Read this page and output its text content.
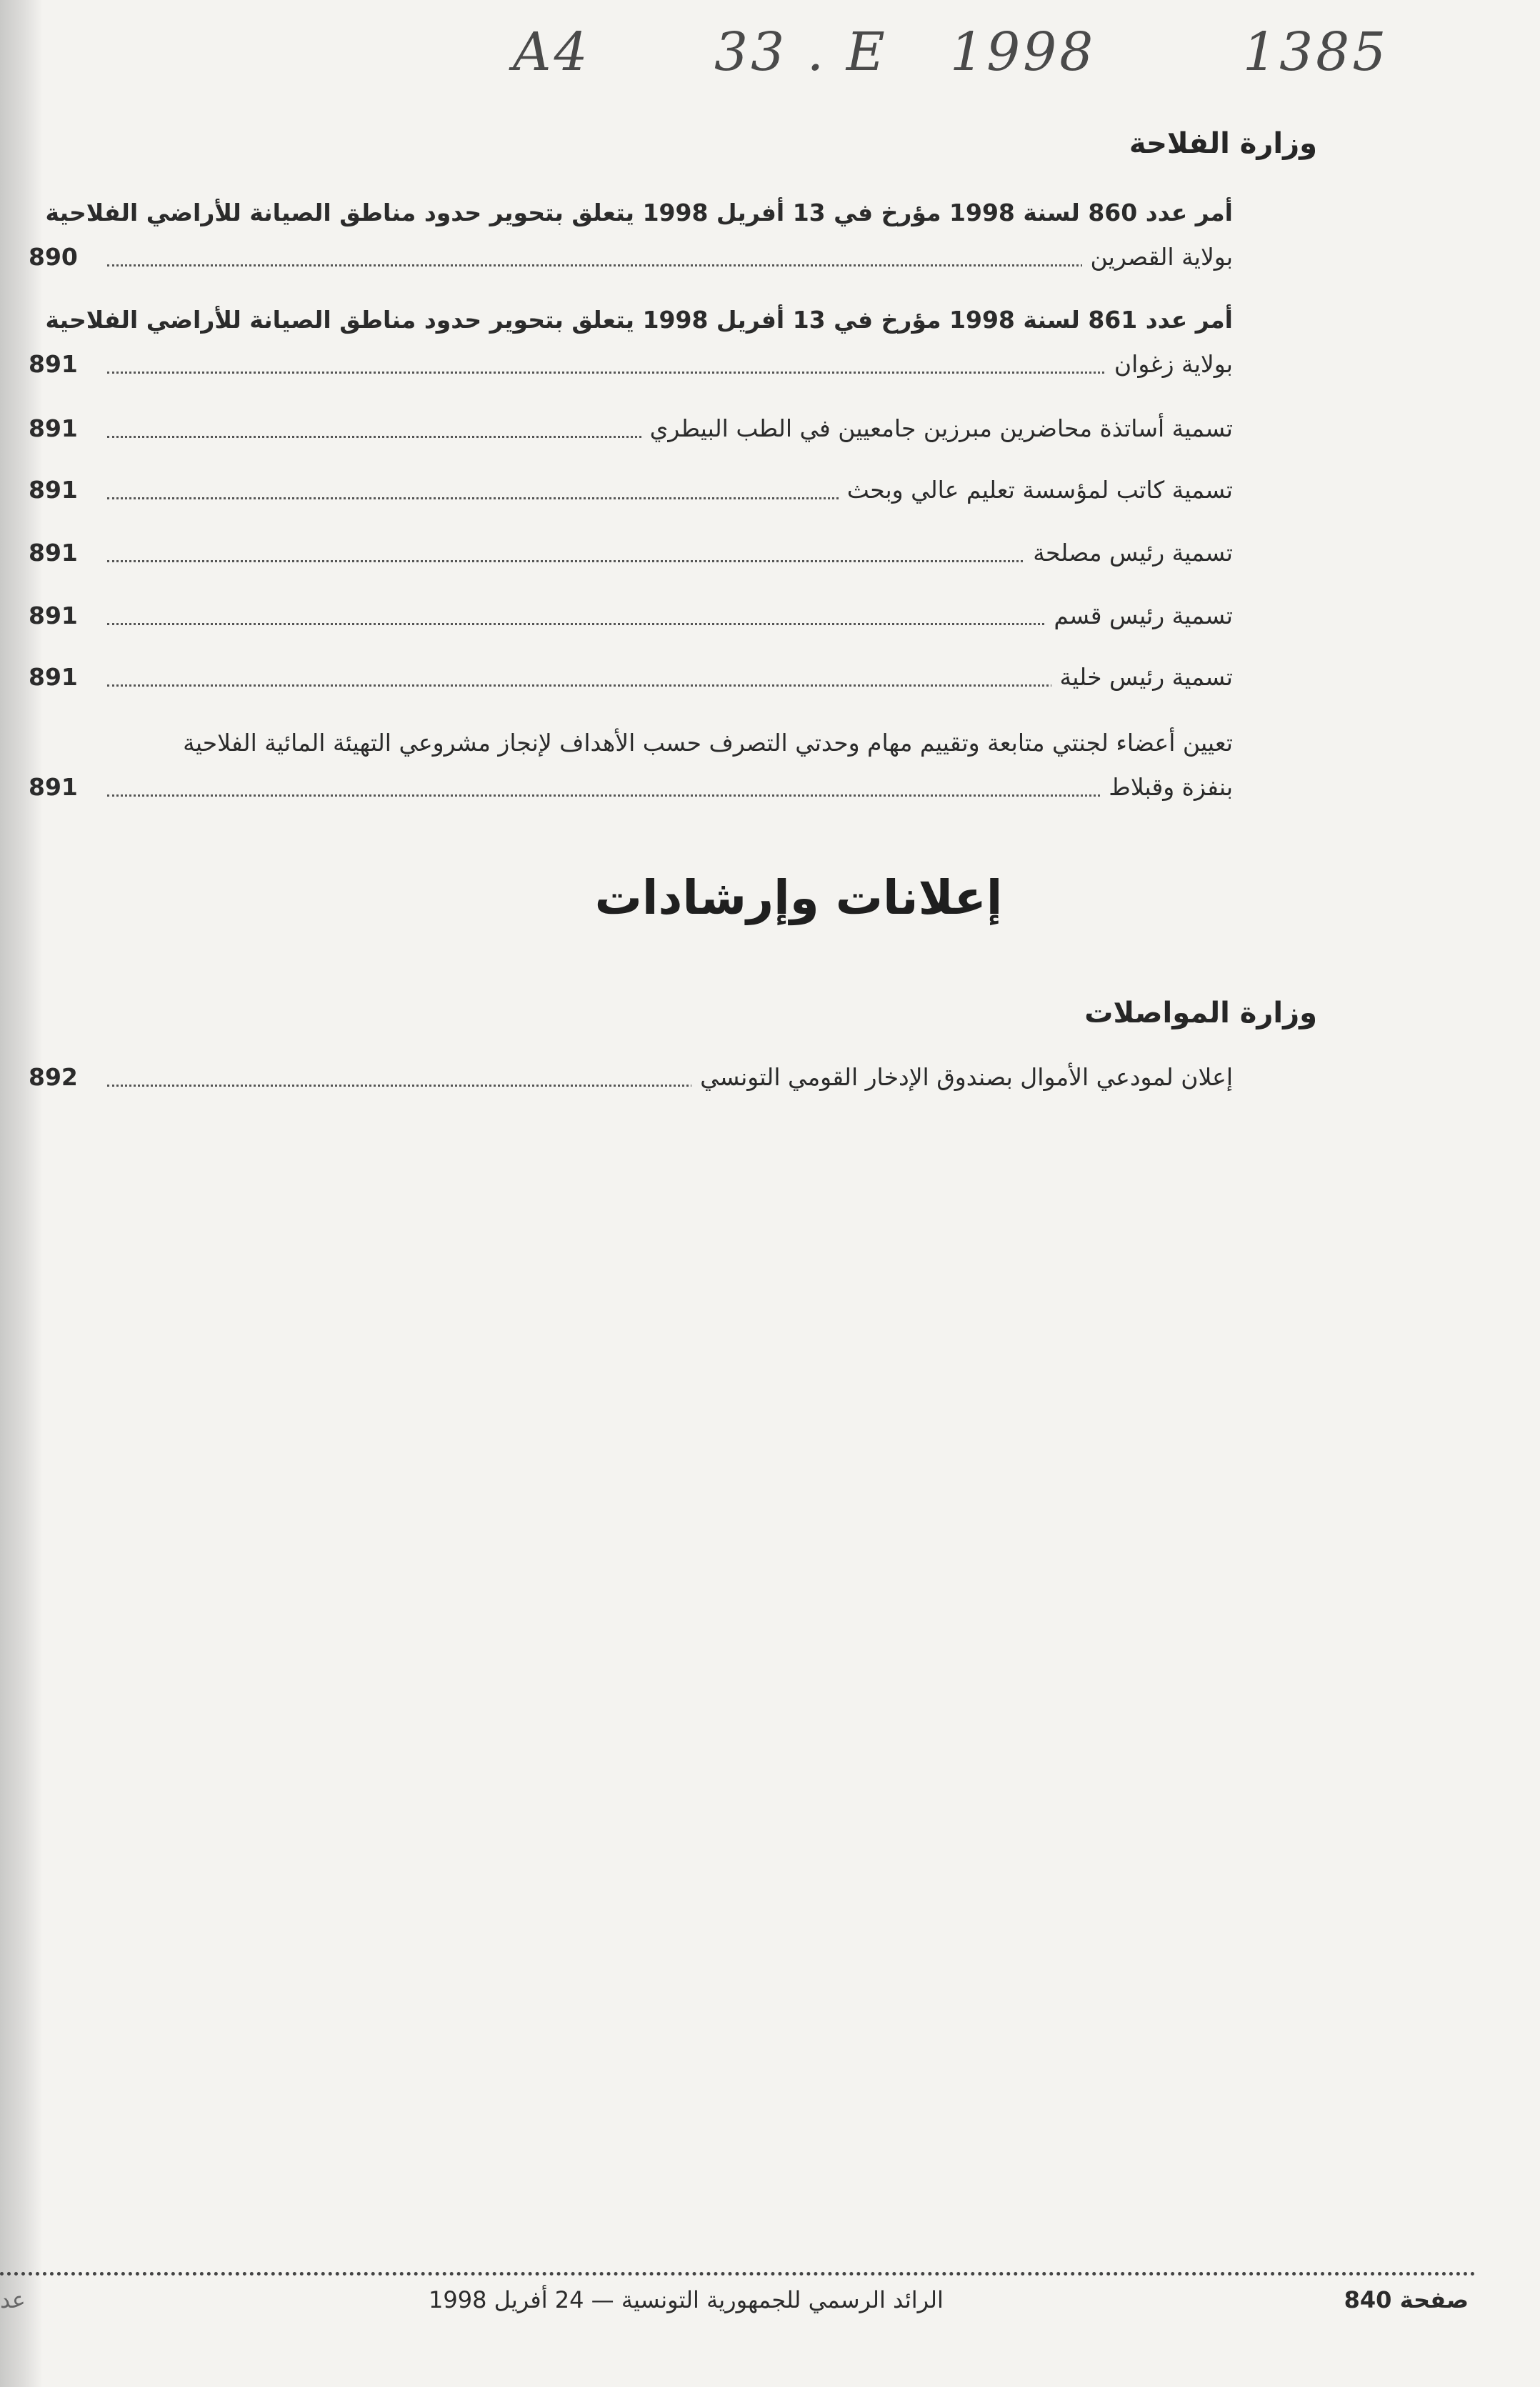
A4 33 . E 1998	1385
وزارة الفلاحة
أمر عدد 860 لسنة 1998 مؤرخ في 13 أفريل 1998 يتعلق بتحوير حدود مناطق الصيانة للأراضي الفلاحية
بولاية القصرين
890
أمر عدد 861 لسنة 1998 مؤرخ في 13 أفريل 1998 يتعلق بتحوير حدود مناطق الصيانة للأراضي الفلاحية
بولاية زغوان
891
تسمية أساتذة محاضرين مبرزين جامعيين في الطب البيطري
891
تسمية كاتب لمؤسسة تعليم عالي وبحث
891
تسمية رئيس مصلحة
891
تسمية رئيس قسم
891
تسمية رئيس خلية
891
تعيين أعضاء لجنتي متابعة وتقييم مهام وحدتي التصرف حسب الأهداف لإنجاز مشروعي التهيئة المائية الفلاحية
بنفزة وقبلاط
891
إعلانات وإرشادات
وزارة المواصلات
إعلان لمودعي الأموال بصندوق الإدخار القومي التونسي
892
صفحة 840
الرائد الرسمي للجمهورية التونسية — 24 أفريل 1998
عد
